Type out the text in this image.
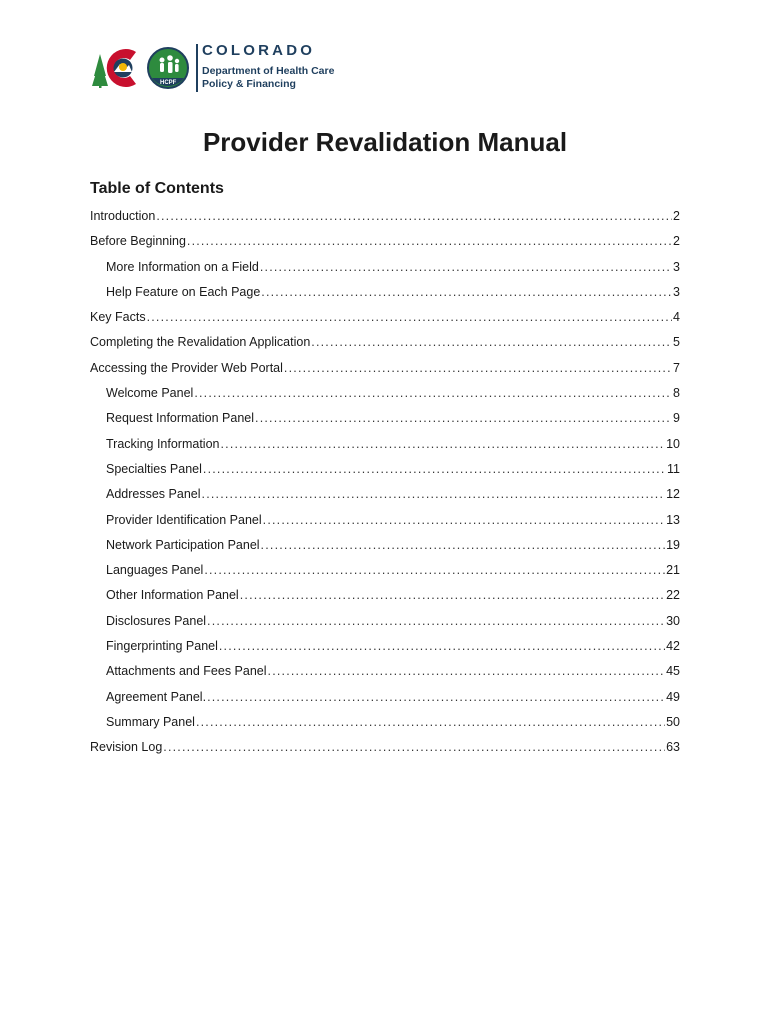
HCPF
COLORADO
Department of Health Care
Policy & Financing
Provider Revalidation Manual
Table of Contents
Introduction .....	2
Before Beginning .....	2
More Information on a Field .....	3
Help Feature on Each Page .....	3
Key Facts .....	4
Completing the Revalidation Application .....	5
Accessing the Provider Web Portal .....	7
Welcome Panel .....	8
Request Information Panel .....	9
Tracking Information .....	10
Specialties Panel .....	11
Addresses Panel .....	12
Provider Identification Panel .....	13
Network Participation Panel .....	19
Languages Panel .....	21
Other Information Panel .....	22
Disclosures Panel .....	30
Fingerprinting Panel .....	42
Attachments and Fees Panel .....	45
Agreement Panel. .....	49
Summary Panel .....	50
Revision Log .....	63
